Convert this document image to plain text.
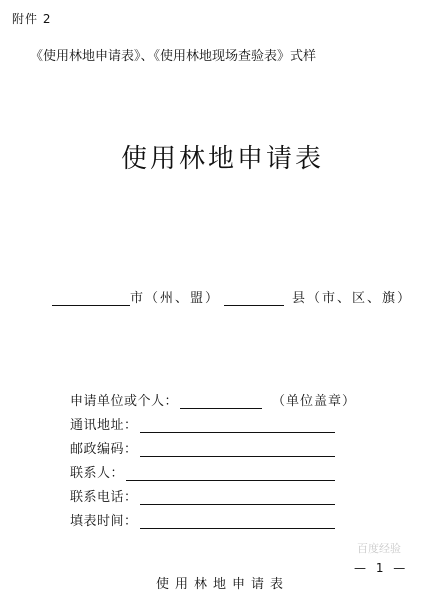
附件 2
《使用林地申请表》、《使用林地现场查验表》式样
使用林地申请表
市（州、盟）	县（市、区、旗）
申请单位或个人：	（单位盖章）
通讯地址：
邮政编码：
联系人：
联系电话：
填表时间：
使用林地申请表
— 1 —
百度经验
